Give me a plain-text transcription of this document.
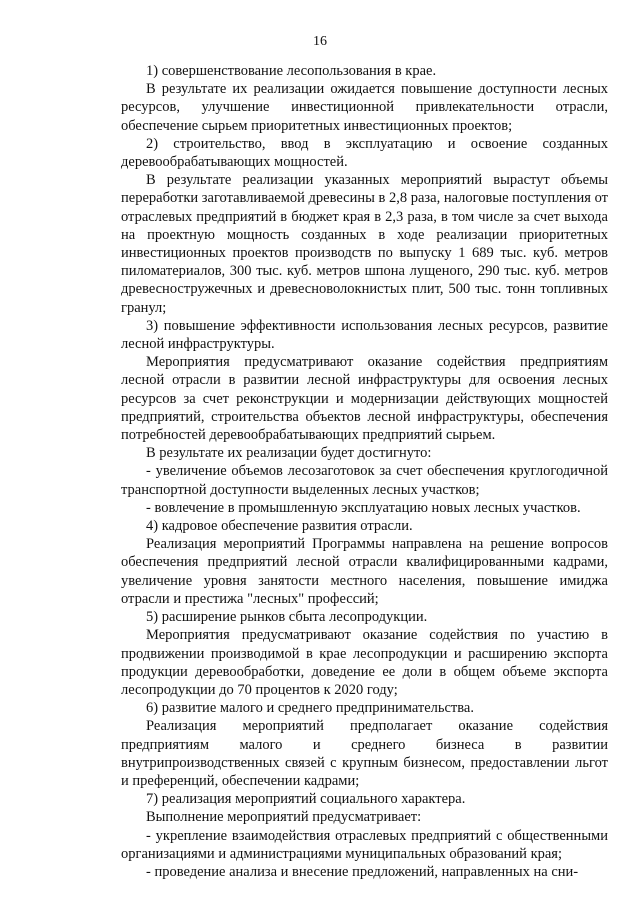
16

1) совершенствование лесопользования в крае.

В результате их реализации ожидается повышение доступности лесных ресурсов, улучшение инвестиционной привлекательности отрасли, обеспечение сырьем приоритетных инвестиционных проектов;

2) строительство, ввод в эксплуатацию и освоение созданных деревообрабатывающих мощностей.

В результате реализации указанных мероприятий вырастут объемы переработки заготавливаемой древесины в 2,8 раза, налоговые поступления от отраслевых предприятий в бюджет края в 2,3 раза, в том числе за счет выхода на проектную мощность созданных в ходе реализации приоритетных инвестиционных проектов производств по выпуску 1 689 тыс. куб. метров пиломатериалов, 300 тыс. куб. метров шпона лущеного, 290 тыс. куб. метров древесностружечных и древесноволокнистых плит, 500 тыс. тонн топливных гранул;

3) повышение эффективности использования лесных ресурсов, развитие лесной инфраструктуры.

Мероприятия предусматривают оказание содействия предприятиям лесной отрасли в развитии лесной инфраструктуры для освоения лесных ресурсов за счет реконструкции и модернизации действующих мощностей предприятий, строительства объектов лесной инфраструктуры, обеспечения потребностей деревообрабатывающих предприятий сырьем.

В результате их реализации будет достигнуто:

- увеличение объемов лесозаготовок за счет обеспечения круглогодичной транспортной доступности выделенных лесных участков;

- вовлечение в промышленную эксплуатацию новых лесных участков.

4) кадровое обеспечение развития отрасли.

Реализация мероприятий Программы направлена на решение вопросов обеспечения предприятий лесной отрасли квалифицированными кадрами, увеличение уровня занятости местного населения, повышение имиджа отрасли и престижа "лесных" профессий;

5) расширение рынков сбыта лесопродукции.

Мероприятия предусматривают оказание содействия по участию в продвижении производимой в крае лесопродукции и расширению экспорта продукции деревообработки, доведение ее доли в общем объеме экспорта лесопродукции до 70 процентов к 2020 году;

6) развитие малого и среднего предпринимательства.

Реализация мероприятий предполагает оказание содействия предприятиям малого и среднего бизнеса в развитии внутрипроизводственных связей с крупным бизнесом, предоставлении льгот и преференций, обеспечении кадрами;

7) реализация мероприятий социального характера.

Выполнение мероприятий предусматривает:

- укрепление взаимодействия отраслевых предприятий с общественными организациями и администрациями муниципальных образований края;

- проведение анализа и внесение предложений, направленных на сни-
